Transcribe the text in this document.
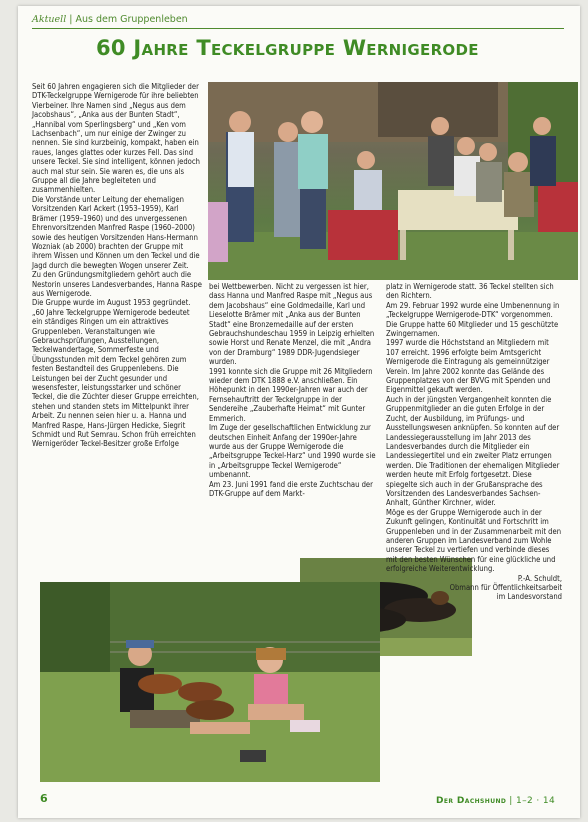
Aktuell | Aus dem Gruppenleben
60 Jahre Teckelgruppe Wernigerode

Seit 60 Jahren engagieren sich die Mitglieder der DTK-Teckelgruppe Wernigerode für ihre beliebten Vierbeiner. Ihre Namen sind „Negus aus dem Jacobshaus“, „Anka aus der Bunten Stadt“, „Hannibal vom Sperlingsberg“ und „Ken vom Lachsenbach“, um nur einige der Zwinger zu nennen. Sie sind kurzbeinig, kompakt, haben ein raues, langes glattes oder kurzes Fell. Das sind unsere Teckel. Sie sind intelligent, können jedoch auch mal stur sein. Sie waren es, die uns als Gruppe all die Jahre begleiteten und zusammenhielten.

Die Vorstände unter Leitung der ehemaligen Vorsitzenden Karl Ackert (1953–1959), Karl Brämer (1959–1960) und des unvergessenen Ehrenvorsitzenden Manfred Raspe (1960–2000) sowie des heutigen Vorsitzenden Hans-Hermann Wozniak (ab 2000) brachten der Gruppe mit ihrem Wissen und Können um den Teckel und die Jagd durch die bewegten Wogen unserer Zeit.

Zu den Gründungsmitgliedern gehört auch die Nestorin unseres Landesverbandes, Hanna Raspe aus Wernigerode.

Die Gruppe wurde im August 1953 gegründet. „60 Jahre Teckelgruppe Wernigerode bedeutet ein ständiges Ringen um ein attraktives Gruppenleben. Veranstaltungen wie Gebrauchsprüfungen, Ausstellungen, Teckelwandertage, Sommerfeste und Übungsstunden mit dem Teckel gehören zum festen Bestandteil des Gruppenlebens. Die Leistungen bei der Zucht gesunder und wesensfester, leistungsstarker und schöner Teckel, die die Züchter dieser Gruppe erreichten, stehen und standen stets im Mittelpunkt ihrer Arbeit. Zu nennen seien hier u. a. Hanna und Manfred Raspe, Hans-Jürgen Hedicke, Siegrit Schmidt und Rut Semrau. Schon früh erreichten Wernigeröder Teckel-Besitzer große Erfolge

bei Wettbewerben. Nicht zu vergessen ist hier, dass Hanna und Manfred Raspe mit „Negus aus dem Jacobshaus“ eine Goldmedaille, Karl und Lieselotte Brämer mit „Anka aus der Bunten Stadt“ eine Bronzemedaille auf der ersten Gebrauchshundeschau 1959 in Leipzig erhielten sowie Horst und Renate Menzel, die mit „Andra von der Dramburg“ 1989 DDR-Jugendsieger wurden.

1991 konnte sich die Gruppe mit 26 Mitgliedern wieder dem DTK 1888 e.V. anschließen. Ein Höhepunkt in den 1990er-Jahren war auch der Fernsehauftritt der Teckelgruppe in der Sendereihe „Zauberhafte Heimat“ mit Gunter Emmerich.

Im Zuge der gesellschaftlichen Entwicklung zur deutschen Einheit Anfang der 1990er-Jahre wurde aus der Gruppe Wernigerode die „Arbeitsgruppe Teckel-Harz“ und 1990 wurde sie in „Arbeitsgruppe Teckel Wernigerode“ umbenannt.

Am 23. Juni 1991 fand die erste Zuchtschau der DTK-Gruppe auf dem Markt-

platz in Wernigerode statt. 36 Teckel stellten sich den Richtern.

Am 29. Februar 1992 wurde eine Umbenennung in „Teckelgruppe Wernigerode-DTK“ vorgenommen. Die Gruppe hatte 60 Mitglieder und 15 geschützte Zwingernamen.

1997 wurde die Höchststand an Mitgliedern mit 107 erreicht. 1996 erfolgte beim Amtsgericht Wernigerode die Eintragung als gemeinnütziger Verein. Im Jahre 2002 konnte das Gelände des Gruppenplatzes von der BVVG mit Spenden und Eigenmittel gekauft werden.

Auch in der jüngsten Vergangenheit konnten die Gruppenmitglieder an die guten Erfolge in der Zucht, der Ausbildung, im Prüfungs- und Ausstellungswesen anknüpfen. So konnten auf der Landessiegerausstellung im Jahr 2013 des Landesverbandes durch die Mitglieder ein Landessiegertitel und ein zweiter Platz errungen werden. Die Traditionen der ehemaligen Mitglieder werden heute mit Erfolg fortgesetzt. Diese spiegelte sich auch in der Grußansprache des Vorsitzenden des Landesverbandes Sachsen-Anhalt, Günther Kirchner, wider.

Möge es der Gruppe Wernigerode auch in der Zukunft gelingen, Kontinuität und Fortschritt im Gruppenleben und in der Zusammenarbeit mit den anderen Gruppen im Landesverband zum Wohle unserer Teckel zu vertiefen und verbinde dieses mit den besten Wünschen für eine glückliche und erfolgreiche Weiterentwicklung.

P.-A. Schuldt,

Obmann für Öffentlichkeitsarbeit

im Landesvorstand

6	Der Dachshund | 1–2 · 14
